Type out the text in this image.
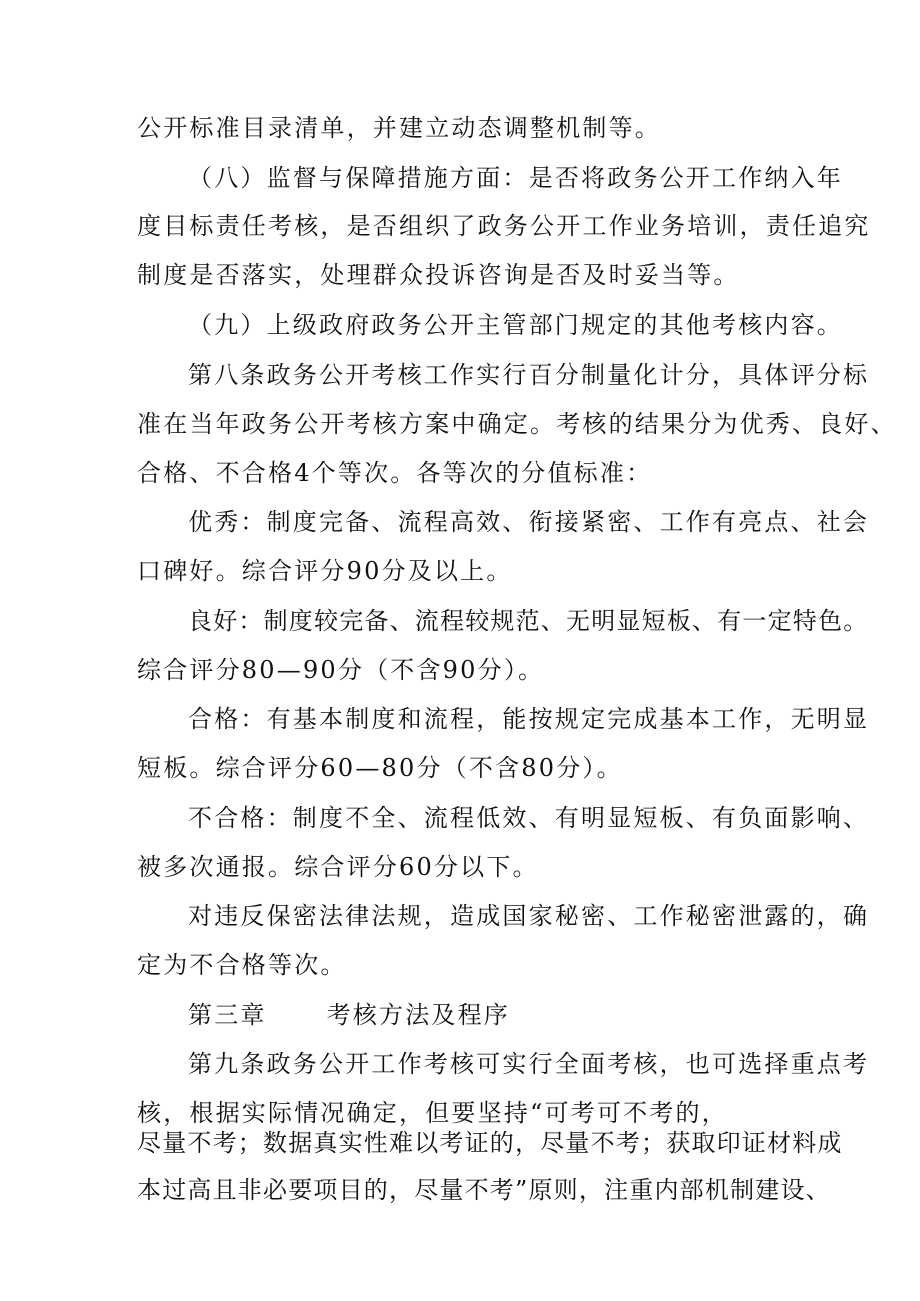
公开标准目录清单，并建立动态调整机制等。
（八）监督与保障措施方面：是否将政务公开工作纳入年
度目标责任考核，是否组织了政务公开工作业务培训，责任追究
制度是否落实，处理群众投诉咨询是否及时妥当等。
（九）上级政府政务公开主管部门规定的其他考核内容。
第八条政务公开考核工作实行百分制量化计分，具体评分标
准在当年政务公开考核方案中确定。考核的结果分为优秀、良好、
合格、不合格4个等次。各等次的分值标准：
优秀：制度完备、流程高效、衔接紧密、工作有亮点、社会
口碑好。综合评分90分及以上。
良好：制度较完备、流程较规范、无明显短板、有一定特色。
综合评分80—90分（不含90分）。
合格：有基本制度和流程，能按规定完成基本工作，无明显
短板。综合评分60—80分（不含80分）。
不合格：制度不全、流程低效、有明显短板、有负面影响、
被多次通报。综合评分60分以下。
对违反保密法律法规，造成国家秘密、工作秘密泄露的，确
定为不合格等次。
第三章	考核方法及程序
第九条政务公开工作考核可实行全面考核，也可选择重点考
核，根据实际情况确定，但要坚持“可考可不考的，
尽量不考；数据真实性难以考证的，尽量不考；获取印证材料成
本过高且非必要项目的，尽量不考”原则，注重内部机制建设、
